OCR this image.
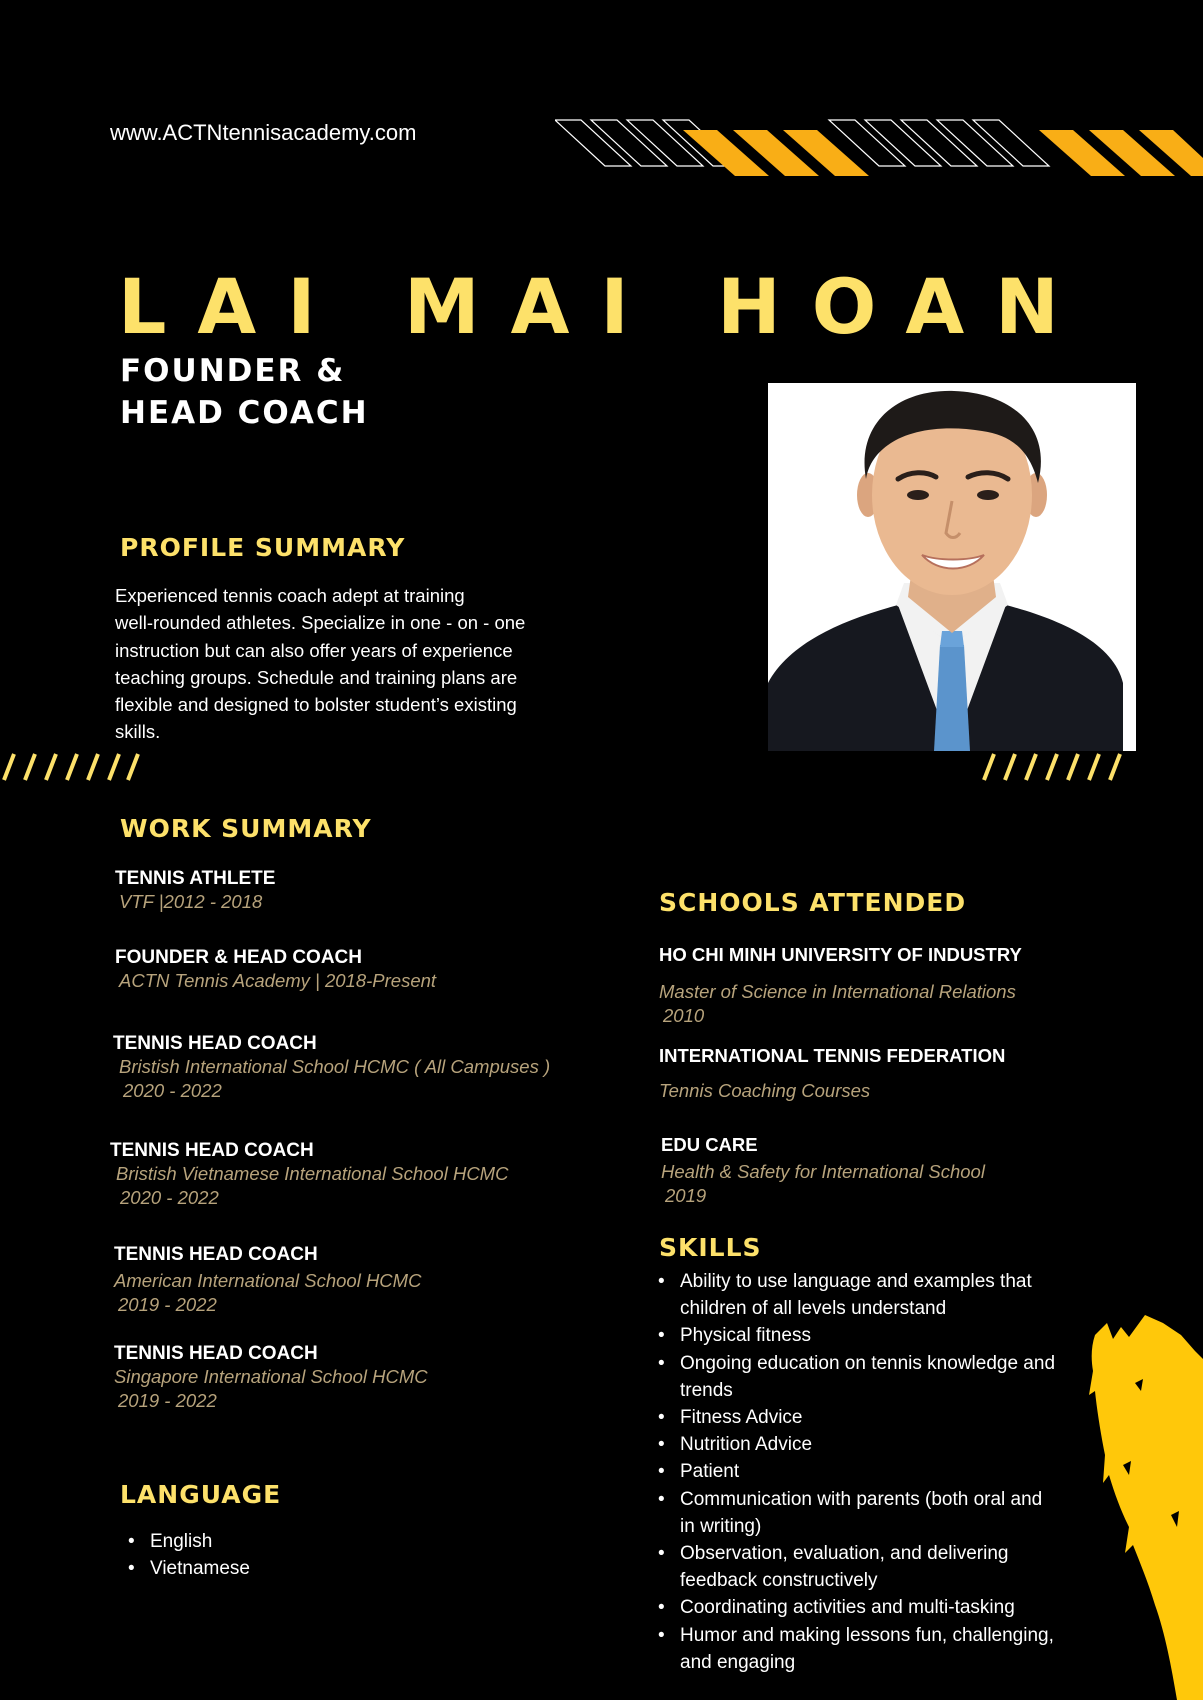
www.ACTNtennisacademy.com
LAI MAI HOAN
FOUNDER &
HEAD COACH
PROFILE SUMMARY
Experienced tennis coach adept at training
well-rounded athletes. Specialize in one - on - one
instruction but can also offer years of experience
teaching groups. Schedule and training plans are
flexible and designed to bolster student’s existing
skills.
WORK SUMMARY
TENNIS ATHLETE
VTF |2012 - 2018
FOUNDER & HEAD COACH
ACTN Tennis Academy | 2018-Present
TENNIS HEAD COACH
Bristish International School HCMC ( All Campuses )
2020 - 2022
TENNIS HEAD COACH
Bristish Vietnamese International School HCMC
2020 - 2022
TENNIS HEAD COACH
American International School HCMC
2019 - 2022
TENNIS HEAD COACH
Singapore International School HCMC
2019 - 2022
LANGUAGE
• English
• Vietnamese
SCHOOLS ATTENDED
HO CHI MINH UNIVERSITY OF INDUSTRY
Master of Science in International Relations
2010
INTERNATIONAL TENNIS FEDERATION
Tennis Coaching Courses
EDU CARE
Health & Safety for International School
2019
SKILLS
• Ability to use language and examples that children of all levels understand
• Physical fitness
• Ongoing education on tennis knowledge and trends
• Fitness Advice
• Nutrition Advice
• Patient
• Communication with parents (both oral and in writing)
• Observation, evaluation, and delivering feedback constructively
• Coordinating activities and multi-tasking
• Humor and making lessons fun, challenging, and engaging
